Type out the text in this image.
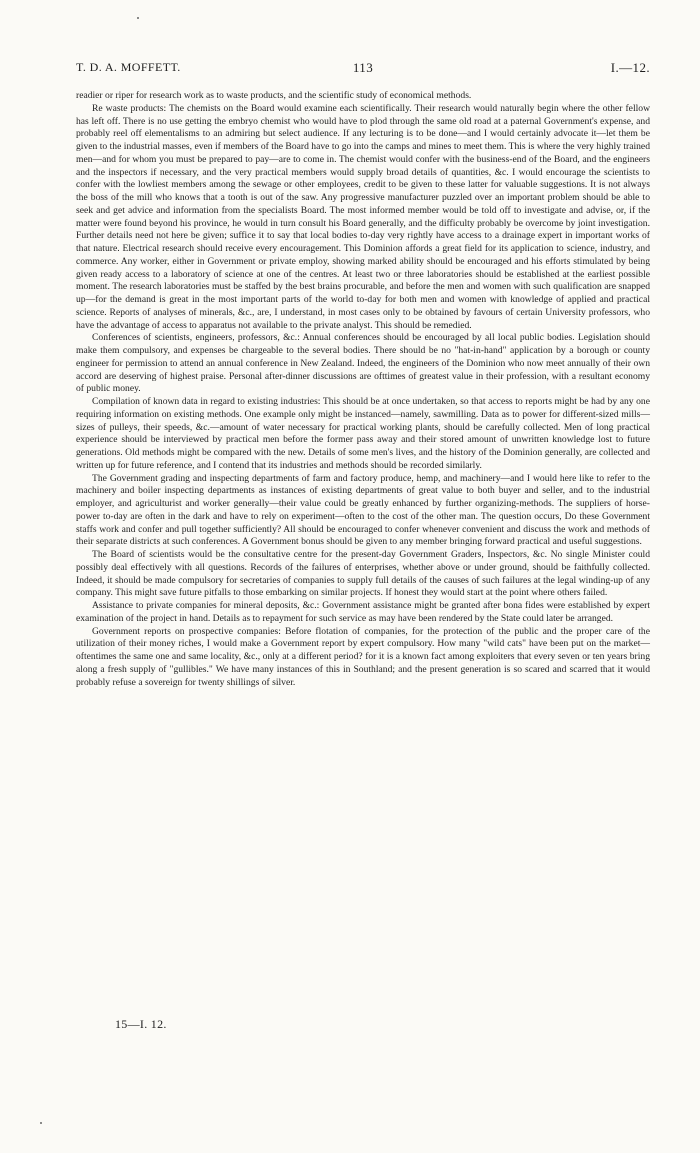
T. D. A. MOFFETT.	113	I.—12.

readier or riper for research work as to waste products, and the scientific study of economical methods.

Re waste products: The chemists on the Board would examine each scientifically. Their research would naturally begin where the other fellow has left off. There is no use getting the embryo chemist who would have to plod through the same old road at a paternal Government's expense, and probably reel off elementalisms to an admiring but select audience. If any lecturing is to be done—and I would certainly advocate it—let them be given to the industrial masses, even if members of the Board have to go into the camps and mines to meet them. This is where the very highly trained men—and for whom you must be prepared to pay—are to come in. The chemist would confer with the business-end of the Board, and the engineers and the inspectors if necessary, and the very practical members would supply broad details of quantities, &c. I would encourage the scientists to confer with the lowliest members among the sewage or other employees, credit to be given to these latter for valuable suggestions. It is not always the boss of the mill who knows that a tooth is out of the saw. Any progressive manufacturer puzzled over an important problem should be able to seek and get advice and information from the specialists Board. The most informed member would be told off to investigate and advise, or, if the matter were found beyond his province, he would in turn consult his Board generally, and the difficulty probably be overcome by joint investigation. Further details need not here be given; suffice it to say that local bodies to-day very rightly have access to a drainage expert in important works of that nature. Electrical research should receive every encouragement. This Dominion affords a great field for its application to science, industry, and commerce. Any worker, either in Government or private employ, showing marked ability should be encouraged and his efforts stimulated by being given ready access to a laboratory of science at one of the centres. At least two or three laboratories should be established at the earliest possible moment. The research laboratories must be staffed by the best brains procurable, and before the men and women with such qualification are snapped up—for the demand is great in the most important parts of the world to-day for both men and women with knowledge of applied and practical science. Reports of analyses of minerals, &c., are, I understand, in most cases only to be obtained by favours of certain University professors, who have the advantage of access to apparatus not available to the private analyst. This should be remedied.

Conferences of scientists, engineers, professors, &c.: Annual conferences should be encouraged by all local public bodies. Legislation should make them compulsory, and expenses be chargeable to the several bodies. There should be no "hat-in-hand" application by a borough or county engineer for permission to attend an annual conference in New Zealand. Indeed, the engineers of the Dominion who now meet annually of their own accord are deserving of highest praise. Personal after-dinner discussions are ofttimes of greatest value in their profession, with a resultant economy of public money.

Compilation of known data in regard to existing industries: This should be at once undertaken, so that access to reports might be had by any one requiring information on existing methods. One example only might be instanced—namely, sawmilling. Data as to power for different-sized mills—sizes of pulleys, their speeds, &c.—amount of water necessary for practical working plants, should be carefully collected. Men of long practical experience should be interviewed by practical men before the former pass away and their stored amount of unwritten knowledge lost to future generations. Old methods might be compared with the new. Details of some men's lives, and the history of the Dominion generally, are collected and written up for future reference, and I contend that its industries and methods should be recorded similarly.

The Government grading and inspecting departments of farm and factory produce, hemp, and machinery—and I would here like to refer to the machinery and boiler inspecting departments as instances of existing departments of great value to both buyer and seller, and to the industrial employer, and agriculturist and worker generally—their value could be greatly enhanced by further organizing-methods. The suppliers of horse-power to-day are often in the dark and have to rely on experiment—often to the cost of the other man. The question occurs, Do these Government staffs work and confer and pull together sufficiently? All should be encouraged to confer whenever convenient and discuss the work and methods of their separate districts at such conferences. A Government bonus should be given to any member bringing forward practical and useful suggestions.

The Board of scientists would be the consultative centre for the present-day Government Graders, Inspectors, &c. No single Minister could possibly deal effectively with all questions. Records of the failures of enterprises, whether above or under ground, should be faithfully collected. Indeed, it should be made compulsory for secretaries of companies to supply full details of the causes of such failures at the legal winding-up of any company. This might save future pitfalls to those embarking on similar projects. If honest they would start at the point where others failed.

Assistance to private companies for mineral deposits, &c.: Government assistance might be granted after bona fides were established by expert examination of the project in hand. Details as to repayment for such service as may have been rendered by the State could later be arranged.

Government reports on prospective companies: Before flotation of companies, for the protection of the public and the proper care of the utilization of their money riches, I would make a Government report by expert compulsory. How many "wild cats" have been put on the market—oftentimes the same one and same locality, &c., only at a different period? for it is a known fact among exploiters that every seven or ten years bring along a fresh supply of "gullibles." We have many instances of this in Southland; and the present generation is so scared and scarred that it would probably refuse a sovereign for twenty shillings of silver.

15—I. 12.
